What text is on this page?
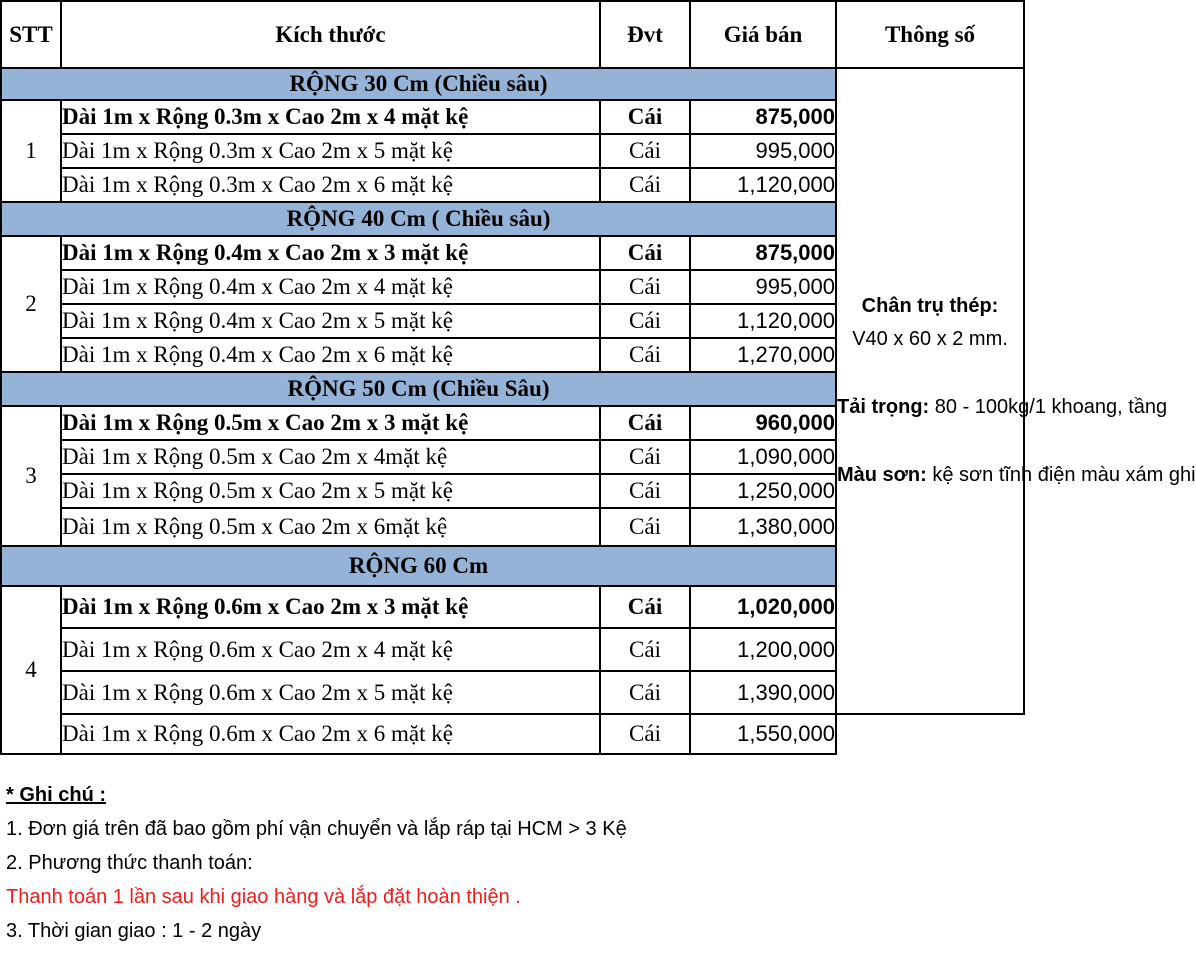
STT	Kích thước	Đvt	Giá bán	Thông số
RỘNG 30 Cm (Chiều sâu)				Chân trụ thép:
V40 x 60 x 2 mm.
Tải trọng: 80 - 100kg/1 khoang, tầng
Màu sơn: kệ sơn tĩnh điện màu xám ghi

1	Dài 1m x Rộng 0.3m x Cao 2m x 4 mặt kệ	Cái	875,000	
	Dài 1m x Rộng 0.3m x Cao 2m x 5 mặt kệ	Cái	995,000	
	Dài 1m x Rộng 0.3m x Cao 2m x 6 mặt kệ	Cái	1,120,000	
RỘNG 40 Cm ( Chiều sâu)				
2	Dài 1m x Rộng 0.4m x Cao 2m x 3 mặt kệ	Cái	875,000	
	Dài 1m x Rộng 0.4m x Cao 2m x 4 mặt kệ	Cái	995,000	
	Dài 1m x Rộng 0.4m x Cao 2m x 5 mặt kệ	Cái	1,120,000	
	Dài 1m x Rộng 0.4m x Cao 2m x 6 mặt kệ	Cái	1,270,000	
RỘNG 50 Cm (Chiều Sâu)				
3	Dài 1m x Rộng 0.5m x Cao 2m x 3 mặt kệ	Cái	960,000	
	Dài 1m x Rộng 0.5m x Cao 2m x 4mặt kệ	Cái	1,090,000	
	Dài 1m x Rộng 0.5m x Cao 2m x 5 mặt kệ	Cái	1,250,000	
	Dài 1m x Rộng 0.5m x Cao 2m x 6mặt kệ	Cái	1,380,000	
RỘNG 60 Cm				
4	Dài 1m x Rộng 0.6m x Cao 2m x 3 mặt kệ	Cái	1,020,000	
	Dài 1m x Rộng 0.6m x Cao 2m x 4 mặt kệ	Cái	1,200,000	
	Dài 1m x Rộng 0.6m x Cao 2m x 5 mặt kệ	Cái	1,390,000	
	Dài 1m x Rộng 0.6m x Cao 2m x 6 mặt kệ	Cái	1,550,000	
* Ghi chú :
1. Đơn giá trên đã bao gồm phí vận chuyển và lắp ráp tại HCM > 3 Kệ
2. Phương thức thanh toán:
Thanh toán 1 lần sau khi giao hàng và lắp đặt hoàn thiện .
3. Thời gian giao : 1 - 2 ngày
